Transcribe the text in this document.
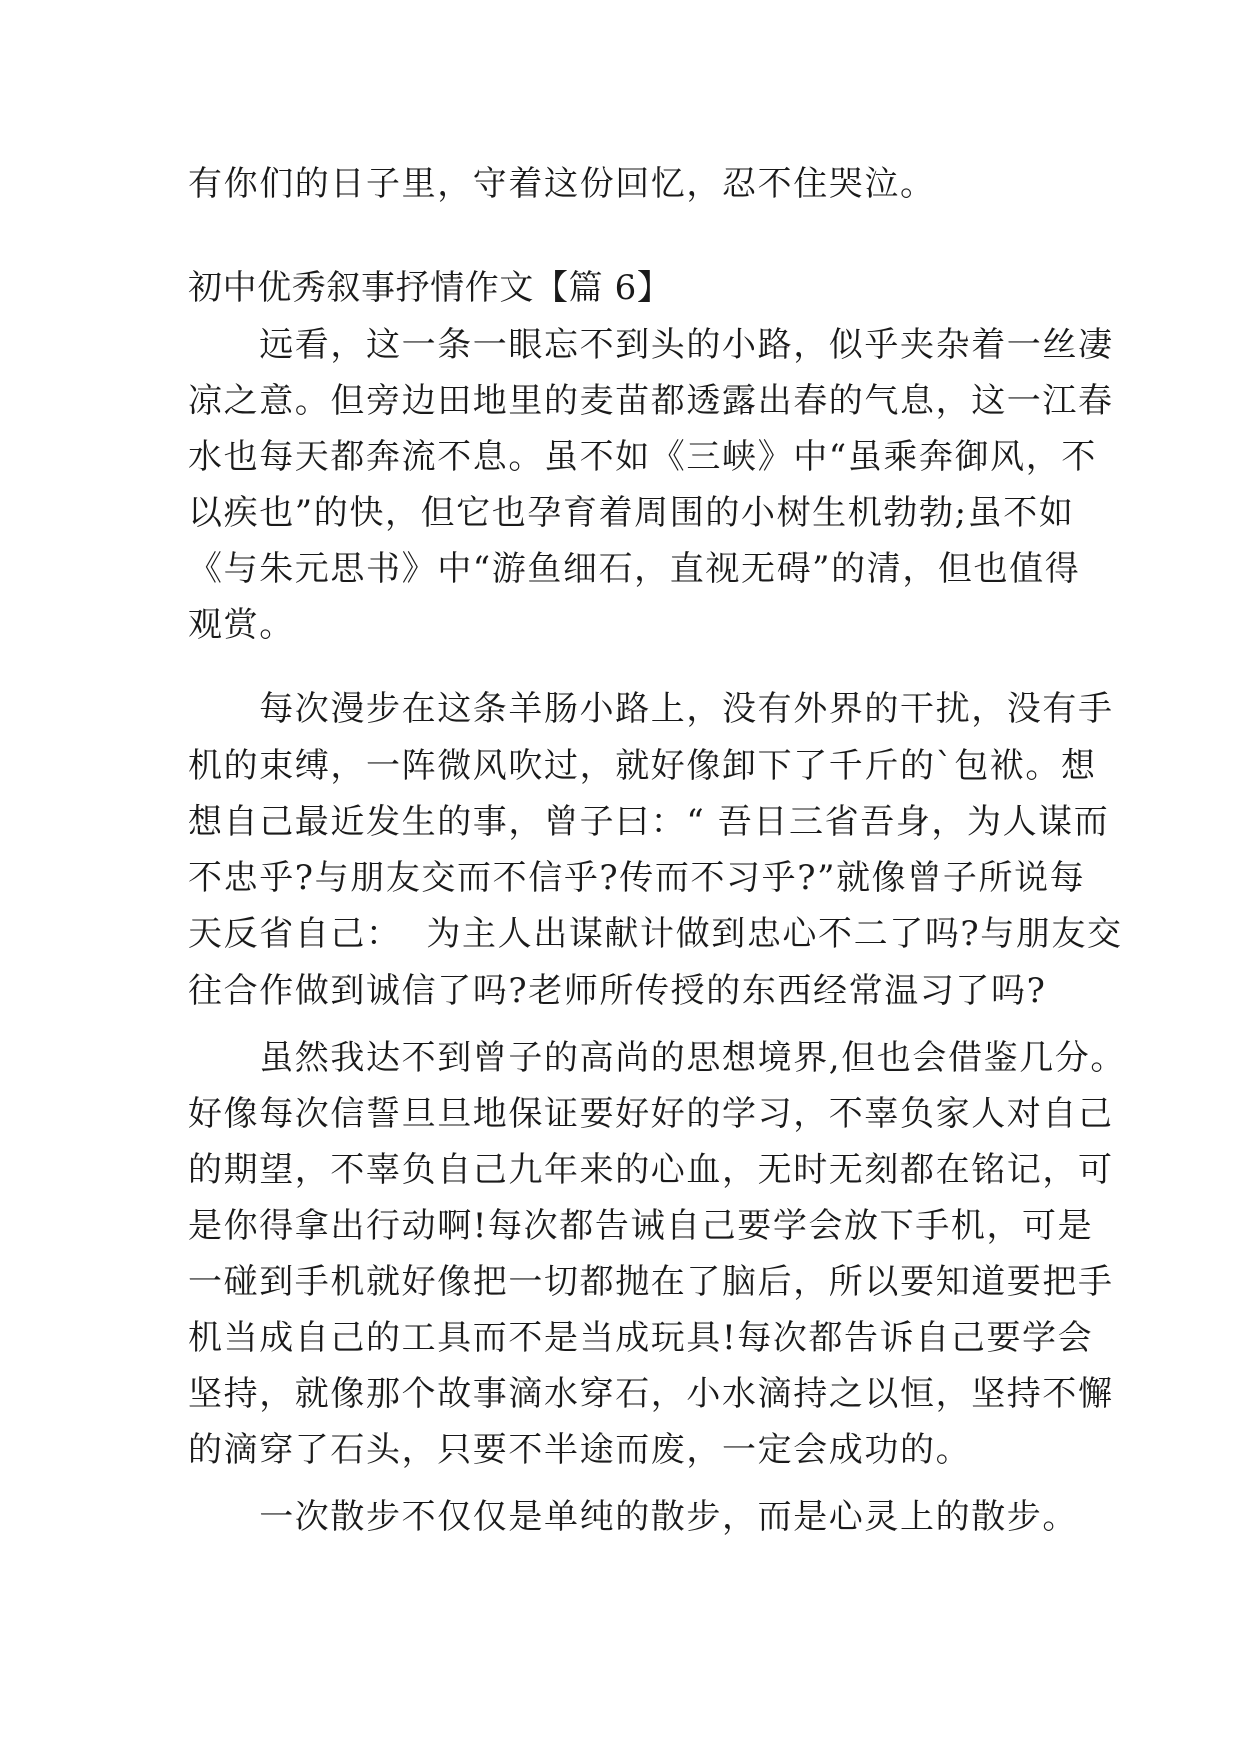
有你们的日子里，守着这份回忆，忍不住哭泣。
初中优秀叙事抒情作文【篇 6】
　　远看，这一条一眼忘不到头的小路，似乎夹杂着一丝凄
凉之意。但旁边田地里的麦苗都透露出春的气息，这一江春
水也每天都奔流不息。虽不如《三峡》中“虽乘奔御风，不
以疾也”的快，但它也孕育着周围的小树生机勃勃;虽不如
《与朱元思书》中“游鱼细石，直视无碍”的清，但也值得
观赏。
　　每次漫步在这条羊肠小路上，没有外界的干扰，没有手
机的束缚，一阵微风吹过，就好像卸下了千斤的`包袱。想
想自己最近发生的事，曾子曰：“ 吾日三省吾身，为人谋而
不忠乎?与朋友交而不信乎?传而不习乎?”就像曾子所说每
天反省自己：  为主人出谋献计做到忠心不二了吗?与朋友交
往合作做到诚信了吗?老师所传授的东西经常温习了吗?
　　虽然我达不到曾子的高尚的思想境界,但也会借鉴几分。
好像每次信誓旦旦地保证要好好的学习，不辜负家人对自己
的期望，不辜负自己九年来的心血，无时无刻都在铭记，可
是你得拿出行动啊!每次都告诫自己要学会放下手机，可是
一碰到手机就好像把一切都抛在了脑后，所以要知道要把手
机当成自己的工具而不是当成玩具!每次都告诉自己要学会
坚持，就像那个故事滴水穿石，小水滴持之以恒，坚持不懈
的滴穿了石头，只要不半途而废，一定会成功的。
　　一次散步不仅仅是单纯的散步，而是心灵上的散步。
